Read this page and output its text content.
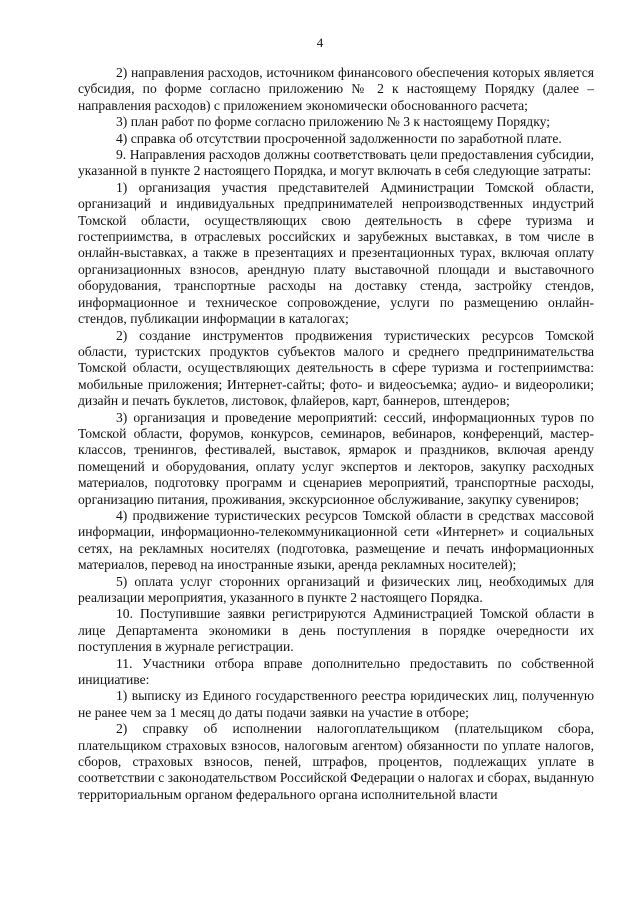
4

2) направления расходов, источником финансового обеспечения которых является субсидия, по форме согласно приложению № 2 к настоящему Порядку (далее – направления расходов) с приложением экономически обоснованного расчета;

3) план работ по форме согласно приложению № 3 к настоящему Порядку;

4) справка об отсутствии просроченной задолженности по заработной плате.

9. Направления расходов должны соответствовать цели предоставления субсидии, указанной в пункте 2 настоящего Порядка, и могут включать в себя следующие затраты:

1) организация участия представителей Администрации Томской области, организаций и индивидуальных предпринимателей непроизводственных индустрий Томской области, осуществляющих свою деятельность в сфере туризма и гостеприимства, в отраслевых российских и зарубежных выставках, в том числе в онлайн-выставках, а также в презентациях и презентационных турах, включая оплату организационных взносов, арендную плату выставочной площади и выставочного оборудования, транспортные расходы на доставку стенда, застройку стендов, информационное и техническое сопровождение, услуги по размещению онлайн-стендов, публикации информации в каталогах;

2) создание инструментов продвижения туристических ресурсов Томской области, туристских продуктов субъектов малого и среднего предпринимательства Томской области, осуществляющих деятельность в сфере туризма и гостеприимства: мобильные приложения; Интернет-сайты; фото- и видеосъемка; аудио- и видеоролики; дизайн и печать буклетов, листовок, флайеров, карт, баннеров, штендеров;

3) организация и проведение мероприятий: сессий, информационных туров по Томской области, форумов, конкурсов, семинаров, вебинаров, конференций, мастер-классов, тренингов, фестивалей, выставок, ярмарок и праздников, включая аренду помещений и оборудования, оплату услуг экспертов и лекторов, закупку расходных материалов, подготовку программ и сценариев мероприятий, транспортные расходы, организацию питания, проживания, экскурсионное обслуживание, закупку сувениров;

4) продвижение туристических ресурсов Томской области в средствах массовой информации, информационно-телекоммуникационной сети «Интернет» и социальных сетях, на рекламных носителях (подготовка, размещение и печать информационных материалов, перевод на иностранные языки, аренда рекламных носителей);

5) оплата услуг сторонних организаций и физических лиц, необходимых для реализации мероприятия, указанного в пункте 2 настоящего Порядка.

10. Поступившие заявки регистрируются Администрацией Томской области в лице Департамента экономики в день поступления в порядке очередности их поступления в журнале регистрации.

11. Участники отбора вправе дополнительно предоставить по собственной инициативе:

1) выписку из Единого государственного реестра юридических лиц, полученную не ранее чем за 1 месяц до даты подачи заявки на участие в отборе;

2) справку об исполнении налогоплательщиком (плательщиком сбора, плательщиком страховых взносов, налоговым агентом) обязанности по уплате налогов, сборов, страховых взносов, пеней, штрафов, процентов, подлежащих уплате в соответствии с законодательством Российской Федерации о налогах и сборах, выданную территориальным органом федерального органа исполнительной власти
